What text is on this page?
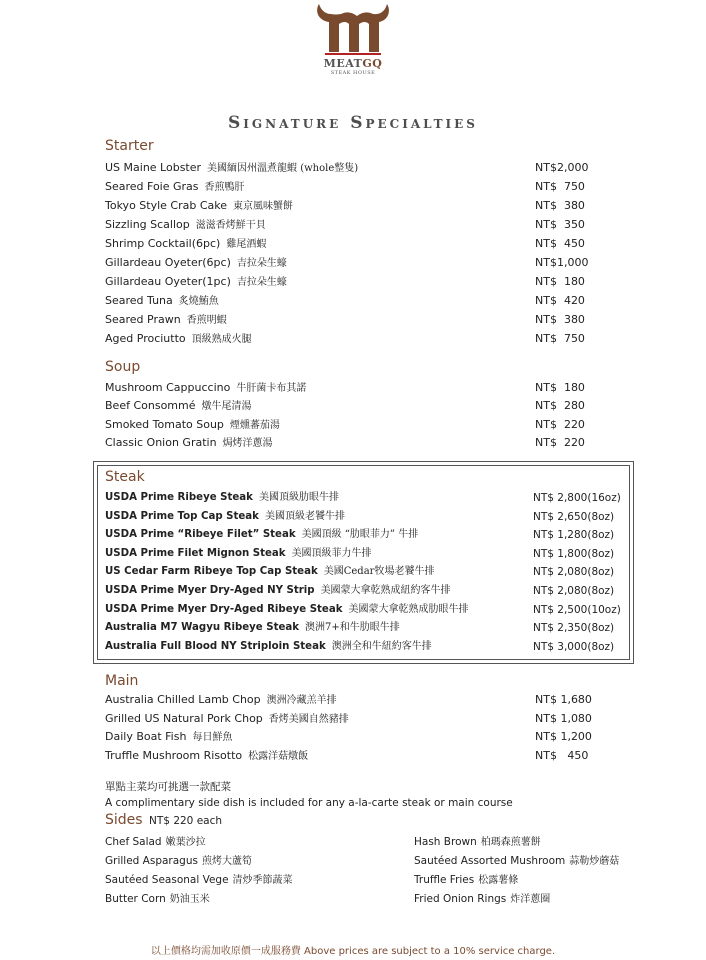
MEATGQ
STEAK HOUSE
Signature Specialties
Starter
US Maine Lobster 美國緬因州溫煮龍蝦 (whole整隻)	NT$2,000
Seared Foie Gras 香煎鴨肝	NT$  750
Tokyo Style Crab Cake 東京風味蟹餅	NT$  380
Sizzling Scallop 滋滋香烤鮮干貝	NT$  350
Shrimp Cocktail(6pc) 雞尾酒蝦	NT$  450
Gillardeau Oyeter(6pc) 吉拉朵生蠔	NT$1,000
Gillardeau Oyeter(1pc) 吉拉朵生蠔	NT$  180
Seared Tuna 炙燒鮪魚	NT$  420
Seared Prawn 香煎明蝦	NT$  380
Aged Prociutto 頂級熟成火腿	NT$  750
Soup
Mushroom Cappuccino 牛肝菌卡布其諾	NT$  180
Beef Consommé 燉牛尾清湯	NT$  280
Smoked Tomato Soup 煙燻蕃茄湯	NT$  220
Classic Onion Gratin 焗烤洋蔥湯	NT$  220
Steak
USDA Prime Ribeye Steak 美國頂級肋眼牛排	NT$ 2,800(16oz)
USDA Prime Top Cap Steak 美國頂級老饕牛排	NT$ 2,650(8oz)
USDA Prime “Ribeye Filet” Steak 美國頂級 “肋眼菲力” 牛排	NT$ 1,280(8oz)
USDA Prime Filet Mignon Steak 美國頂級菲力牛排	NT$ 1,800(8oz)
US Cedar Farm Ribeye Top Cap Steak 美國Cedar牧場老饕牛排	NT$ 2,080(8oz)
USDA Prime Myer Dry-Aged NY Strip 美國蒙大拿乾熟成紐約客牛排	NT$ 2,080(8oz)
USDA Prime Myer Dry-Aged Ribeye Steak 美國蒙大拿乾熟成肋眼牛排	NT$ 2,500(10oz)
Australia M7 Wagyu Ribeye Steak 澳洲7+和牛肋眼牛排	NT$ 2,350(8oz)
Australia Full Blood NY Striploin Steak 澳洲全和牛紐約客牛排	NT$ 3,000(8oz)
Main
Australia Chilled Lamb Chop 澳洲冷藏羔羊排	NT$ 1,680
Grilled US Natural Pork Chop 香烤美國自然豬排	NT$ 1,080
Daily Boat Fish 每日鮮魚	NT$ 1,200
Truffle Mushroom Risotto 松露洋菇燉飯	NT$   450
單點主菜均可挑選一款配菜
A complimentary side dish is included for any a-la-carte steak or main course
Sides NT$ 220 each
Chef Salad 嫩葉沙拉
Grilled Asparagus 煎烤大蘆筍
Sautéed Seasonal Vege 清炒季節蔬菜
Butter Corn 奶油玉米
Hash Brown 柏瑪森煎薯餅
Sautéed Assorted Mushroom 蒜勒炒蘑菇
Truffle Fries 松露薯條
Fried Onion Rings 炸洋蔥圈
以上價格均需加收原價一成服務費 Above prices are subject to a 10% service charge.
